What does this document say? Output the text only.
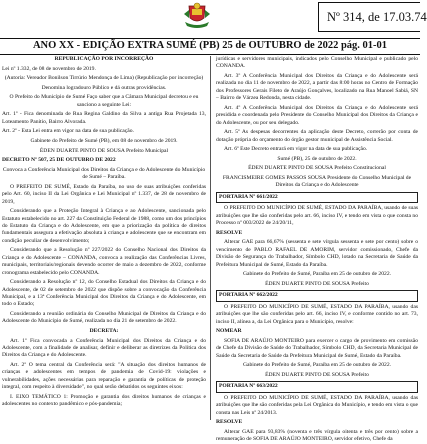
Nº 314, de 17.03.74
ANO XX - EDIÇÃO EXTRA SUMÉ (PB) 25 de OUTUBRO de 2022 pág. 01-01

REPUBLICAÇÃO POR INCORREÇÃO

Lei nº 1.332, de 08 de novembro de 2019.

(Autoria: Vereador Bonilson Tirrúrio Mendonça de Lima) (Republicação por incorreção)

Denomina logradouro Público e dá outras providências.

O Prefeito do Município de Sumé Faço saber que a Câmara Municipal decretou e eu sanciono a seguinte Lei:

Art. 1º - Fica denominada de Rua Regina Galdino da Silva a antiga Rua Projetada 13, Loteamento Panitio, Bairro Alvorada.

Art. 2º - Esta Lei entra em vigor na data de sua publicação.

Gabinete do Prefeito de Sumé (PB), em 08 de novembro de 2019.

ÉDEN DUARTE PINTO DE SOUSA Prefeito Municipal

DECRETO Nº 507, 25 DE OUTUBRO DE 2022

Convoca a Conferência Municipal dos Direitos da Criança e do Adolescente do Município de Sumé – Paraíba.

O PREFEITO DE SUMÉ, Estado da Paraíba, no uso de suas atribuições conferidas pelo Art. 60, inciso II da Lei Orgânica e Lei Municipal nº 1.337, de 28 de novembro de 2019,

Considerando que a Proteção Integral à Criança e ao Adolescente, sancionada pelo Estatuto estabelecido no art. 227 da Constituição Federal de 1988, como um dos princípios do Estatuto da Criança e do Adolescente, em que a priorização da política de direitos fundamentais assegura a efetivação absoluta à criança e adolescente que se encontram em condição peculiar de desenvolvimento;

Considerando que a Resolução nº 227/2022 do Conselho Nacional dos Direitos da Criança e do Adolescente – CONANDA, convoca a realização das Conferências Livres, municipais, territoriais/regionais devendo ocorrer de maio a dezembro de 2022, conforme cronograma estabelecido pelo CONANDA.

Considerando a Resolução nº 12, do Conselho Estadual dos Direitos da Criança e do Adolescente, de 02 de setembro de 2022 que dispõe sobre a convocação da Conferência Municipal, e a 13ª Conferência Municipal dos Direitos da Criança e do Adolescente, em todo o Estado;

Considerando a reunião ordinária do Conselho Municipal de Direitos da Criança e do Adolescente do Município de Sumé, realizada no dia 21 de setembro de 2022.

DECRETA:

Art. 1º Fica convocada a Conferência Municipal dos Direitos da Criança e do Adolescente, com a finalidade de analisar, definir e deliberar as diretrizes da Política dos Direitos da Criança e do Adolescente.

Art. 2º O tema central da Conferência será: "A situação dos direitos humanos de crianças e adolescentes em tempos de pandemia de Covid-19: violações e vulnerabilidades, ações necessárias para reparação e garantia de políticas de proteção integral, com respeito à diversidade", no qual serão debatidos os seguintes eixos:

I. EIXO TEMÁTICO 1: Promoção e garantia dos direitos humanos de crianças e adolescentes no contexto pandêmico e pós-pandemia;

jurídicas e servidores municipais, indicados pelo Conselho Municipal e publicado pelo CONANDA.

Art. 3º A Conferência Municipal dos Direitos da Criança e do Adolescente será realizada no dia 11 de novembro de 2022, a partir das 8:00 horas no Centro de Formação dos Professores Gerais Fileto de Araújo Gonçalves, localizado na Rua Manoel Sabiá, SN – Bairro de Várzea Redonda, nesta cidade.

Art. 4º A Conferência Municipal dos Direitos da Criança e do Adolescente será presidida e coordenada pelo Presidente do Conselho Municipal dos Direitos da Criança e do Adolescente, ou por seu delegado.

Art. 5º As despesas decorrentes da aplicação deste Decreto, correrão por conta de dotação própria do orçamento do órgão gestor municipal de Assistência Social.

Art. 6º Este Decreto entrará em vigor na data de sua publicação.

Sumé (PB), 25 de outubro de 2022.

ÉDEN DUARTE PINTO DE SOUSA Prefeito Constitucional

FRANCISMEIRE GOMES PASSOS SOUSA Presidente do Conselho Municipal de Direitos da Criança e do Adolescente

PORTARIA Nº 661/2022

O PREFEITO DO MUNICÍPIO DE SUMÉ, ESTADO DA PARAÍBA, usando de suas atribuições que lhe são conferidas pelo art. 66, inciso IV, e tendo em vista o que consta no Processo nº 003/2022 de 24/20/11,

RESOLVE

Alterar GAE para 66,67% (sessenta e sete vírgula sessenta e sete por cento) sobre o vencimento de PABLO RAFAEL DE AMORIM, servidor comissionado, Chefe da Divisão de Segurança do Trabalhador, Símbolo CHD, lotado na Secretaria de Saúde da Prefeitura Municipal de Sumé, Estado da Paraíba.

Gabinete do Prefeito de Sumé, Paraíba em 25 de outubro de 2022.

ÉDEN DUARTE PINTO DE SOUSA Prefeito

PORTARIA Nº 662/2022

O PREFEITO DO MUNICÍPIO DE SUMÉ, ESTADO DA PARAÍBA, usando das atribuições que lhe são conferidas pelo art. 66, inciso IV, e conforme contido no art. 73, inciso II, alínea a, da Lei Orgânica para o Município, resolve:

NOMEAR

SOFIA DE ARAÚJO MONTEIRO para exercer o cargo de provimento em comissão de Chefe da Divisão de Saúde do Trabalhador, Símbolo CHD, da Secretaria Municipal de Saúde da Secretaria de Saúde da Prefeitura Municipal de Sumé, Estado da Paraíba.

Gabinete do Prefeito de Sumé, Paraíba em 25 de outubro de 2022.

ÉDEN DUARTE PINTO DE SOUSA Prefeito

PORTARIA Nº 663/2022

O PREFEITO DO MUNICÍPIO DE SUMÉ, ESTADO DA PARAÍBA, usando das atribuições que lhe são conferidas pela Lei Orgânica do Município, e tendo em vista o que consta nas Leis nº 24/2013.

RESOLVE

Alterar GAE para 93,83% (noventa e três vírgula oitenta e três por cento) sobre a remuneração de SOFIA DE ARAÚJO MONTEIRO, servidor efetivo, Chefe da
